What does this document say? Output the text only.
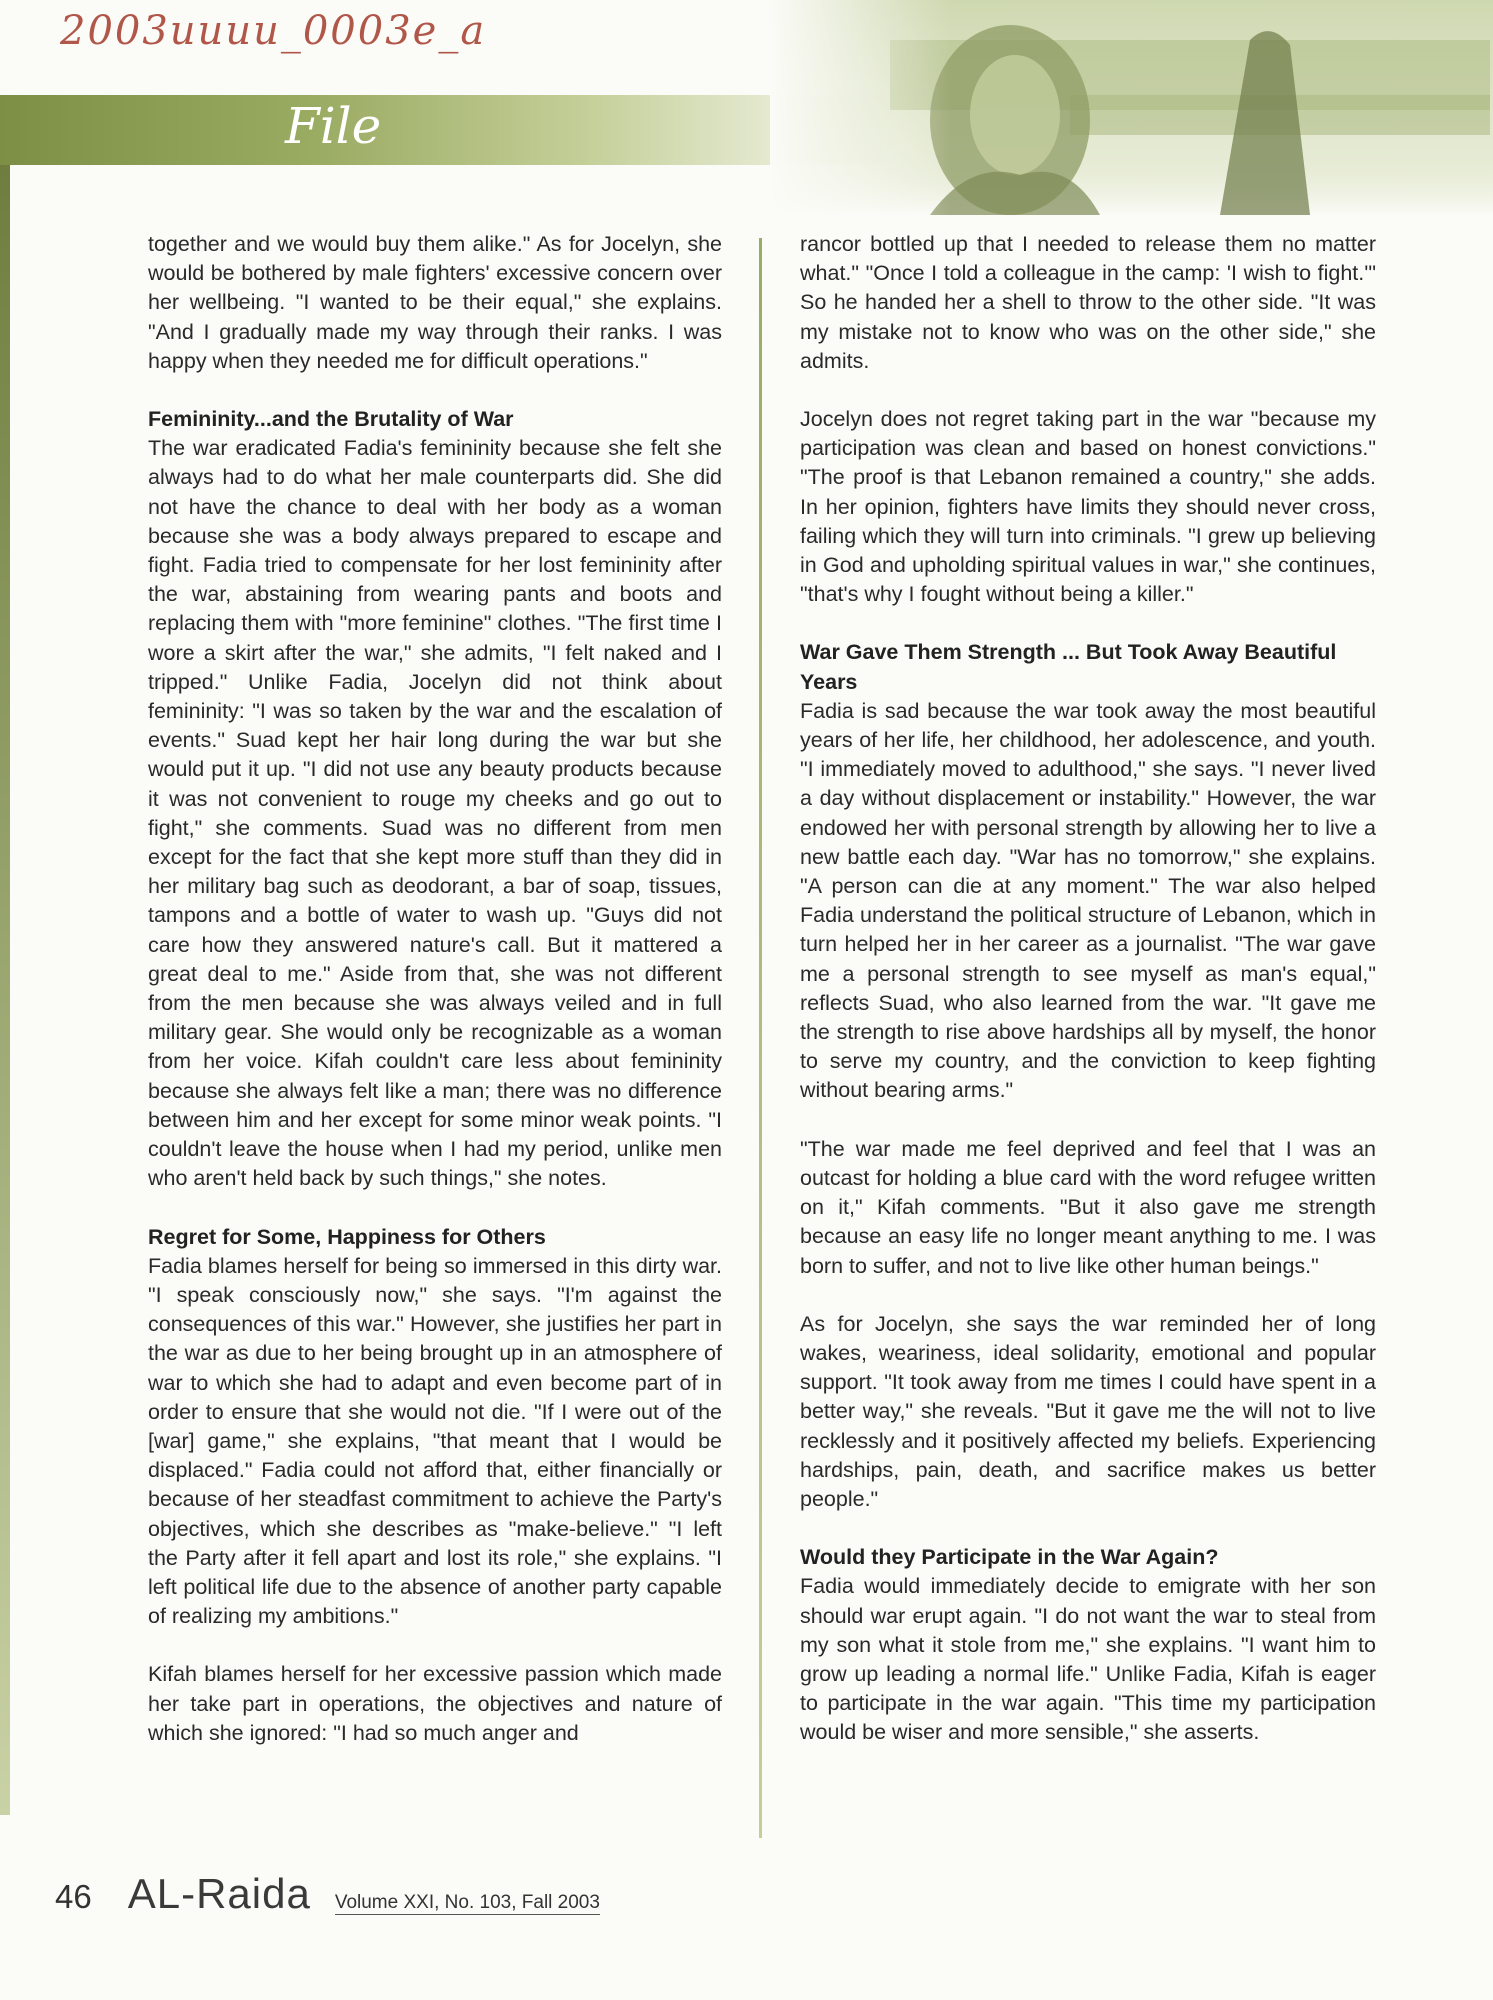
2003uuuu_0003e_a
File

together and we would buy them alike." As for Jocelyn, she would be bothered by male fighters' excessive concern over her wellbeing. "I wanted to be their equal," she explains. "And I gradually made my way through their ranks. I was happy when they needed me for difficult operations."

Femininity...and the Brutality of War

The war eradicated Fadia's femininity because she felt she always had to do what her male counterparts did. She did not have the chance to deal with her body as a woman because she was a body always prepared to escape and fight. Fadia tried to compensate for her lost femininity after the war, abstaining from wearing pants and boots and replacing them with "more feminine" clothes. "The first time I wore a skirt after the war," she admits, "I felt naked and I tripped." Unlike Fadia, Jocelyn did not think about femininity: "I was so taken by the war and the escalation of events." Suad kept her hair long during the war but she would put it up. "I did not use any beauty products because it was not convenient to rouge my cheeks and go out to fight," she comments. Suad was no different from men except for the fact that she kept more stuff than they did in her military bag such as deodorant, a bar of soap, tissues, tampons and a bottle of water to wash up. "Guys did not care how they answered nature's call. But it mattered a great deal to me." Aside from that, she was not different from the men because she was always veiled and in full military gear. She would only be recognizable as a woman from her voice. Kifah couldn't care less about femininity because she always felt like a man; there was no difference between him and her except for some minor weak points. "I couldn't leave the house when I had my period, unlike men who aren't held back by such things," she notes.

Regret for Some, Happiness for Others

Fadia blames herself for being so immersed in this dirty war. "I speak consciously now," she says. "I'm against the consequences of this war." However, she justifies her part in the war as due to her being brought up in an atmosphere of war to which she had to adapt and even become part of in order to ensure that she would not die. "If I were out of the [war] game," she explains, "that meant that I would be displaced." Fadia could not afford that, either financially or because of her steadfast commitment to achieve the Party's objectives, which she describes as "make-believe." "I left the Party after it fell apart and lost its role," she explains. "I left political life due to the absence of another party capable of realizing my ambitions."

Kifah blames herself for her excessive passion which made her take part in operations, the objectives and nature of which she ignored: "I had so much anger and

rancor bottled up that I needed to release them no matter what." "Once I told a colleague in the camp: 'I wish to fight.'" So he handed her a shell to throw to the other side. "It was my mistake not to know who was on the other side," she admits.

Jocelyn does not regret taking part in the war "because my participation was clean and based on honest convictions." "The proof is that Lebanon remained a country," she adds. In her opinion, fighters have limits they should never cross, failing which they will turn into criminals. "I grew up believing in God and upholding spiritual values in war," she continues, "that's why I fought without being a killer."

War Gave Them Strength ... But Took Away Beautiful Years

Fadia is sad because the war took away the most beautiful years of her life, her childhood, her adolescence, and youth. "I immediately moved to adulthood," she says. "I never lived a day without displacement or instability." However, the war endowed her with personal strength by allowing her to live a new battle each day. "War has no tomorrow," she explains. "A person can die at any moment." The war also helped Fadia understand the political structure of Lebanon, which in turn helped her in her career as a journalist. "The war gave me a personal strength to see myself as man's equal," reflects Suad, who also learned from the war. "It gave me the strength to rise above hardships all by myself, the honor to serve my country, and the conviction to keep fighting without bearing arms."

"The war made me feel deprived and feel that I was an outcast for holding a blue card with the word refugee written on it," Kifah comments. "But it also gave me strength because an easy life no longer meant anything to me. I was born to suffer, and not to live like other human beings."

As for Jocelyn, she says the war reminded her of long wakes, weariness, ideal solidarity, emotional and popular support. "It took away from me times I could have spent in a better way," she reveals. "But it gave me the will not to live recklessly and it positively affected my beliefs. Experiencing hardships, pain, death, and sacrifice makes us better people."

Would they Participate in the War Again?

Fadia would immediately decide to emigrate with her son should war erupt again. "I do not want the war to steal from my son what it stole from me," she explains. "I want him to grow up leading a normal life." Unlike Fadia, Kifah is eager to participate in the war again. "This time my participation would be wiser and more sensible," she asserts.

46 AL-Raida Volume XXI, No. 103, Fall 2003
